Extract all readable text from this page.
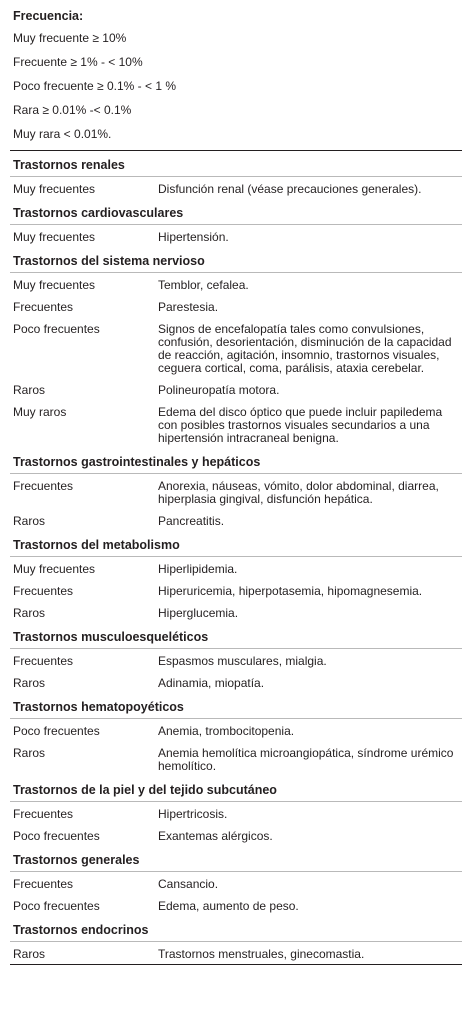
Frecuencia:
Muy frecuente ≥ 10%
Frecuente ≥ 1% - < 10%
Poco frecuente ≥ 0.1% - < 1 %
Rara ≥ 0.01% -< 0.1%
Muy rara < 0.01%.
Trastornos renales
Muy frecuentes	Disfunción renal (véase precauciones generales).
Trastornos cardiovasculares
Muy frecuentes	Hipertensión.
Trastornos del sistema nervioso
Muy frecuentes	Temblor, cefalea.
Frecuentes	Parestesia.
Poco frecuentes	Signos de encefalopatía tales como convulsiones, confusión, desorientación, disminución de la capacidad de reacción, agitación, insomnio, trastornos visuales, ceguera cortical, coma, parálisis, ataxia cerebelar.
Raros	Polineuropatía motora.
Muy raros	Edema del disco óptico que puede incluir papiledema con posibles trastornos visuales secundarios a una hipertensión intracraneal benigna.
Trastornos gastrointestinales y hepáticos
Frecuentes	Anorexia, náuseas, vómito, dolor abdominal, diarrea, hiperplasia gingival, disfunción hepática.
Raros	Pancreatitis.
Trastornos del metabolismo
Muy frecuentes	Hiperlipidemia.
Frecuentes	Hiperuricemia, hiperpotasemia, hipomagnesemia.
Raros	Hiperglucemia.
Trastornos musculoesqueléticos
Frecuentes	Espasmos musculares, mialgia.
Raros	Adinamia, miopatía.
Trastornos hematopoyéticos
Poco frecuentes	Anemia, trombocitopenia.
Raros	Anemia hemolítica microangiopática, síndrome urémico hemolítico.
Trastornos de la piel y del tejido subcutáneo
Frecuentes	Hipertricosis.
Poco frecuentes	Exantemas alérgicos.
Trastornos generales
Frecuentes	Cansancio.
Poco frecuentes	Edema, aumento de peso.
Trastornos endocrinos
Raros	Trastornos menstruales, ginecomastia.
